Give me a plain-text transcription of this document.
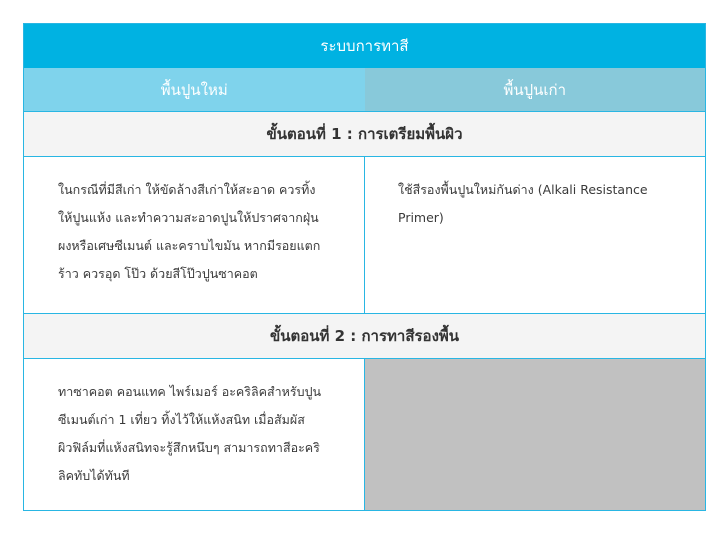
ระบบการทาสี
พื้นปูนใหม่	พื้นปูนเก่า
ขั้นตอนที่ 1 : การเตรียมพื้นผิว
ในกรณีที่มีสีเก่า ให้ขัดล้างสีเก่าให้สะอาด ควรทิ้ง
ให้ปูนแห้ง และทำความสะอาดปูนให้ปราศจากฝุ่น
ผงหรือเศษซีเมนต์ และคราบไขมัน หากมีรอยแตก
ร้าว ควรอุด โป๊ว ด้วยสีโป๊วปูนซาคอต
ใช้สีรองพื้นปูนใหม่กันด่าง (Alkali Resistance
Primer)
ขั้นตอนที่ 2 : การทาสีรองพื้น
ทาซาคอต คอนแทค ไพร์เมอร์ อะคริลิคสำหรับปูน
ซีเมนต์เก่า 1 เที่ยว ทิ้งไว้ให้แห้งสนิท เมื่อสัมผัส
ผิวฟิล์มที่แห้งสนิทจะรู้สึกหนึบๆ สามารถทาสีอะคริ
ลิคทับได้ทันที
